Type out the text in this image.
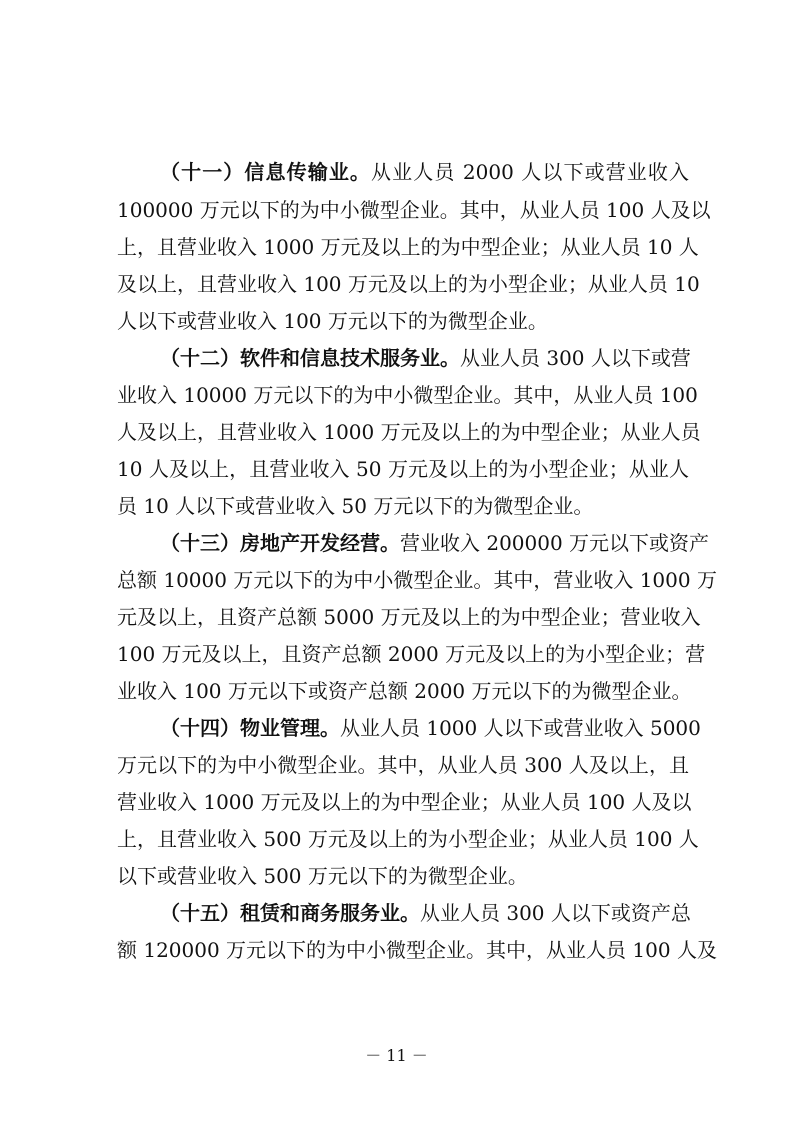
（十一）信息传输业。从业人员 2000 人以下或营业收入
100000 万元以下的为中小微型企业。其中，从业人员 100 人及以
上，且营业收入 1000 万元及以上的为中型企业；从业人员 10 人
及以上，且营业收入 100 万元及以上的为小型企业；从业人员 10
人以下或营业收入 100 万元以下的为微型企业。
（十二）软件和信息技术服务业。从业人员 300 人以下或营
业收入 10000 万元以下的为中小微型企业。其中，从业人员 100
人及以上，且营业收入 1000 万元及以上的为中型企业；从业人员
10 人及以上，且营业收入 50 万元及以上的为小型企业；从业人
员 10 人以下或营业收入 50 万元以下的为微型企业。
（十三）房地产开发经营。营业收入 200000 万元以下或资产
总额 10000 万元以下的为中小微型企业。其中，营业收入 1000 万
元及以上，且资产总额 5000 万元及以上的为中型企业；营业收入
100 万元及以上，且资产总额 2000 万元及以上的为小型企业；营
业收入 100 万元以下或资产总额 2000 万元以下的为微型企业。
（十四）物业管理。从业人员 1000 人以下或营业收入 5000
万元以下的为中小微型企业。其中，从业人员 300 人及以上，且
营业收入 1000 万元及以上的为中型企业；从业人员 100 人及以
上，且营业收入 500 万元及以上的为小型企业；从业人员 100 人
以下或营业收入 500 万元以下的为微型企业。
（十五）租赁和商务服务业。从业人员 300 人以下或资产总
额 120000 万元以下的为中小微型企业。其中，从业人员 100 人及
－ 11 －
